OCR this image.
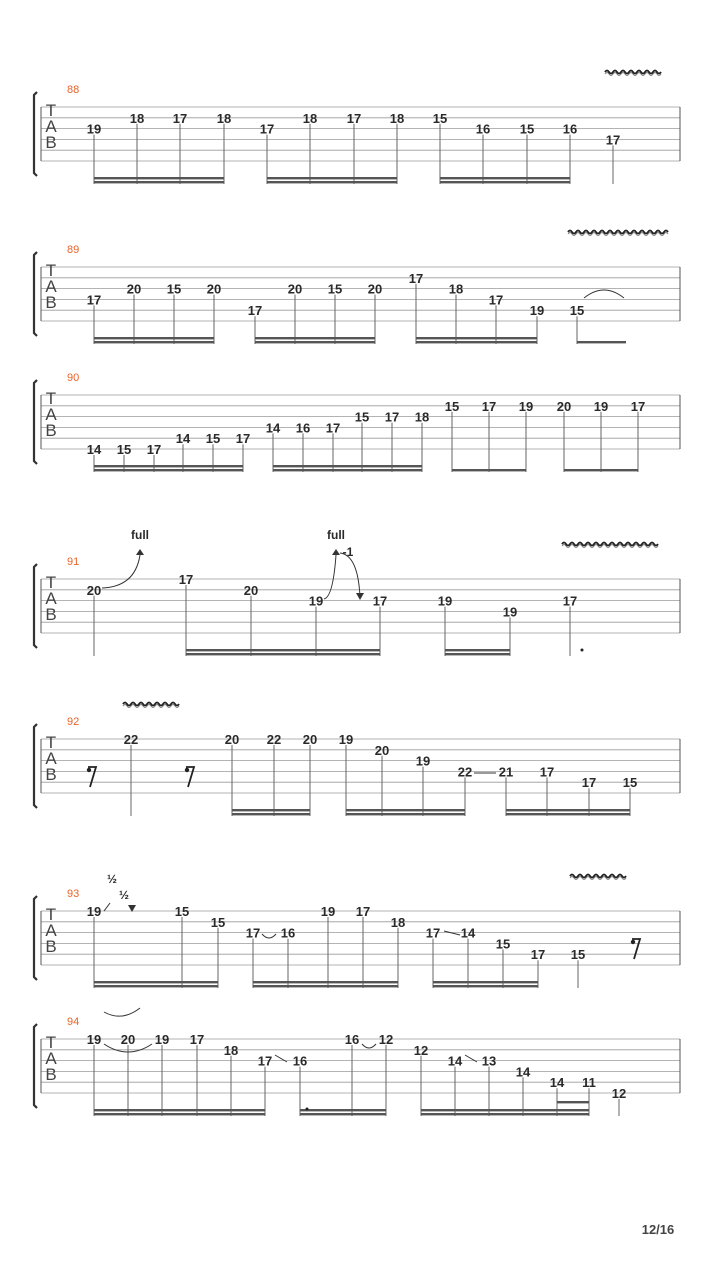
T
A
B
88
19
18 17 18
17
18 17 18 15
16 15 16
17
T
A
B
89
17
20 15 20
17
20 15 20
17
18
17
19 15
T
A
B
90
14 15 17
14 15 17
14 16 17
15 17 18
15 17 19 20 19 17
T
A
B
91
20
17
20
19	17	19
19
17
T
A
B
92
22	20 22 20 19
20
19
22 21 17
17 15
T
A
B
93
19	15
15
17 16
19 17
18
17 14
15
17 15
T
A
B
94
19 20 19 17
18
17 16
16 12
12
14 13
14
14 11
12
full	full
-1
½
½
12/16
